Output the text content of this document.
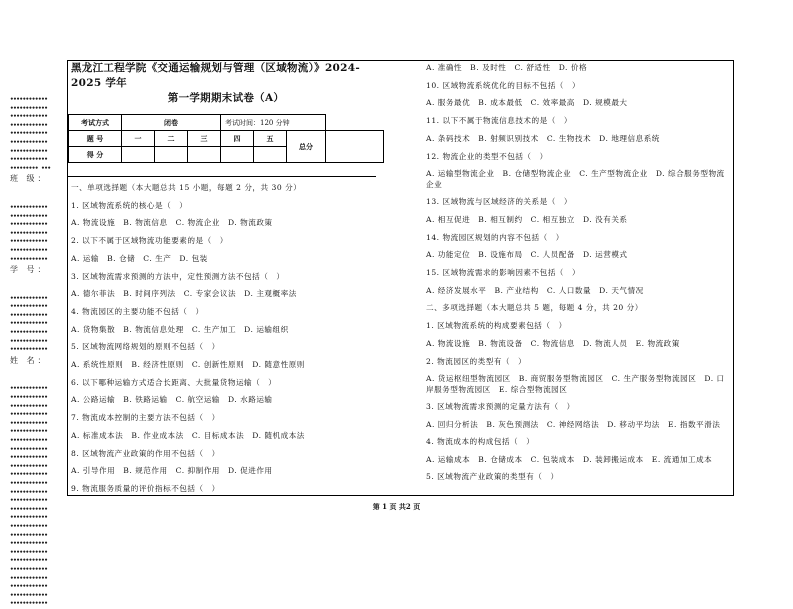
••••••••••••
••••••••••••
••••••••••••
••••••••••••
••••••••••••
••••••••••••
••••••••••••
••••••••••••
••••••••• •••
班 级：
••••••••••••
••••••••••••
••••••••••••
••••••••••••
••••••••••••
••••••••••••
••••••••••••
学 号：
••••••••••••
••••••••••••
••••••••••••
••••••••••••
••••••••••••
••••••••••••
••••••••••••
姓 名：
••••••••••••
••••••••••••
••••••••••••
••••••••••••
••••••••••••
••••••••••••
••••••••••••
••••••••••••
••••••••••••
••••••••••••
••••••••••••
••••••••••••
••••••••••••
••••••••••••
••••••••••••
••••••••••••
••••••••••••
••••••••••••
••••••••••••
••••••••••••
••••••••••••
••••••••••••
••••••••••••
••••••••••••
••••••••••••
••••••••••••
黑龙江工程学院《交通运输规划与管理（区域物流）》2024-2025 学年
第一学期期末试卷（A）
考试方式	闭卷			考试时间：120 分钟			
题 号	一	二	三	四	五	总分	
得 分							
一、单项选择题（本大题总共 15 小题，每题 2 分，共 30 分）
1. 区域物流系统的核心是（　）
A. 物流设施　B. 物流信息　C. 物流企业　D. 物流政策
2. 以下不属于区域物流功能要素的是（　）
A. 运输　B. 仓储　C. 生产　D. 包装
3. 区域物流需求预测的方法中，定性预测方法不包括（　）
A. 德尔菲法　B. 时间序列法　C. 专家会议法　D. 主观概率法
4. 物流园区的主要功能不包括（　）
A. 货物集散　B. 物流信息处理　C. 生产加工　D. 运输组织
5. 区域物流网络规划的原则不包括（　）
A. 系统性原则　B. 经济性原则　C. 创新性原则　D. 随意性原则
6. 以下哪种运输方式适合长距离、大批量货物运输（　）
A. 公路运输　B. 铁路运输　C. 航空运输　D. 水路运输
7. 物流成本控制的主要方法不包括（　）
A. 标准成本法　B. 作业成本法　C. 目标成本法　D. 随机成本法
8. 区域物流产业政策的作用不包括（　）
A. 引导作用　B. 规范作用　C. 抑制作用　D. 促进作用
9. 物流服务质量的评价指标不包括（　）
A. 准确性　B. 及时性　C. 舒适性　D. 价格
10. 区域物流系统优化的目标不包括（　）
A. 服务最优　B. 成本最低　C. 效率最高　D. 规模最大
11. 以下不属于物流信息技术的是（　）
A. 条码技术　B. 射频识别技术　C. 生物技术　D. 地理信息系统
12. 物流企业的类型不包括（　）
A. 运输型物流企业　B. 仓储型物流企业　C. 生产型物流企业　D. 综合服务型物流企业
13. 区域物流与区域经济的关系是（　）
A. 相互促进　B. 相互制约　C. 相互独立　D. 没有关系
14. 物流园区规划的内容不包括（　）
A. 功能定位　B. 设施布局　C. 人员配备　D. 运营模式
15. 区域物流需求的影响因素不包括（　）
A. 经济发展水平　B. 产业结构　C. 人口数量　D. 天气情况
二、多项选择题（本大题总共 5 题，每题 4 分，共 20 分）
1. 区域物流系统的构成要素包括（　）
A. 物流设施　B. 物流设备　C. 物流信息　D. 物流人员　E. 物流政策
2. 物流园区的类型有（　）
A. 货运枢纽型物流园区　B. 商贸服务型物流园区　C. 生产服务型物流园区　D. 口岸服务型物流园区　E. 综合型物流园区
3. 区域物流需求预测的定量方法有（　）
A. 回归分析法　B. 灰色预测法　C. 神经网络法　D. 移动平均法　E. 指数平滑法
4. 物流成本的构成包括（　）
A. 运输成本　B. 仓储成本　C. 包装成本　D. 装卸搬运成本　E. 流通加工成本
5. 区域物流产业政策的类型有（　）
第 1 页 共2 页
